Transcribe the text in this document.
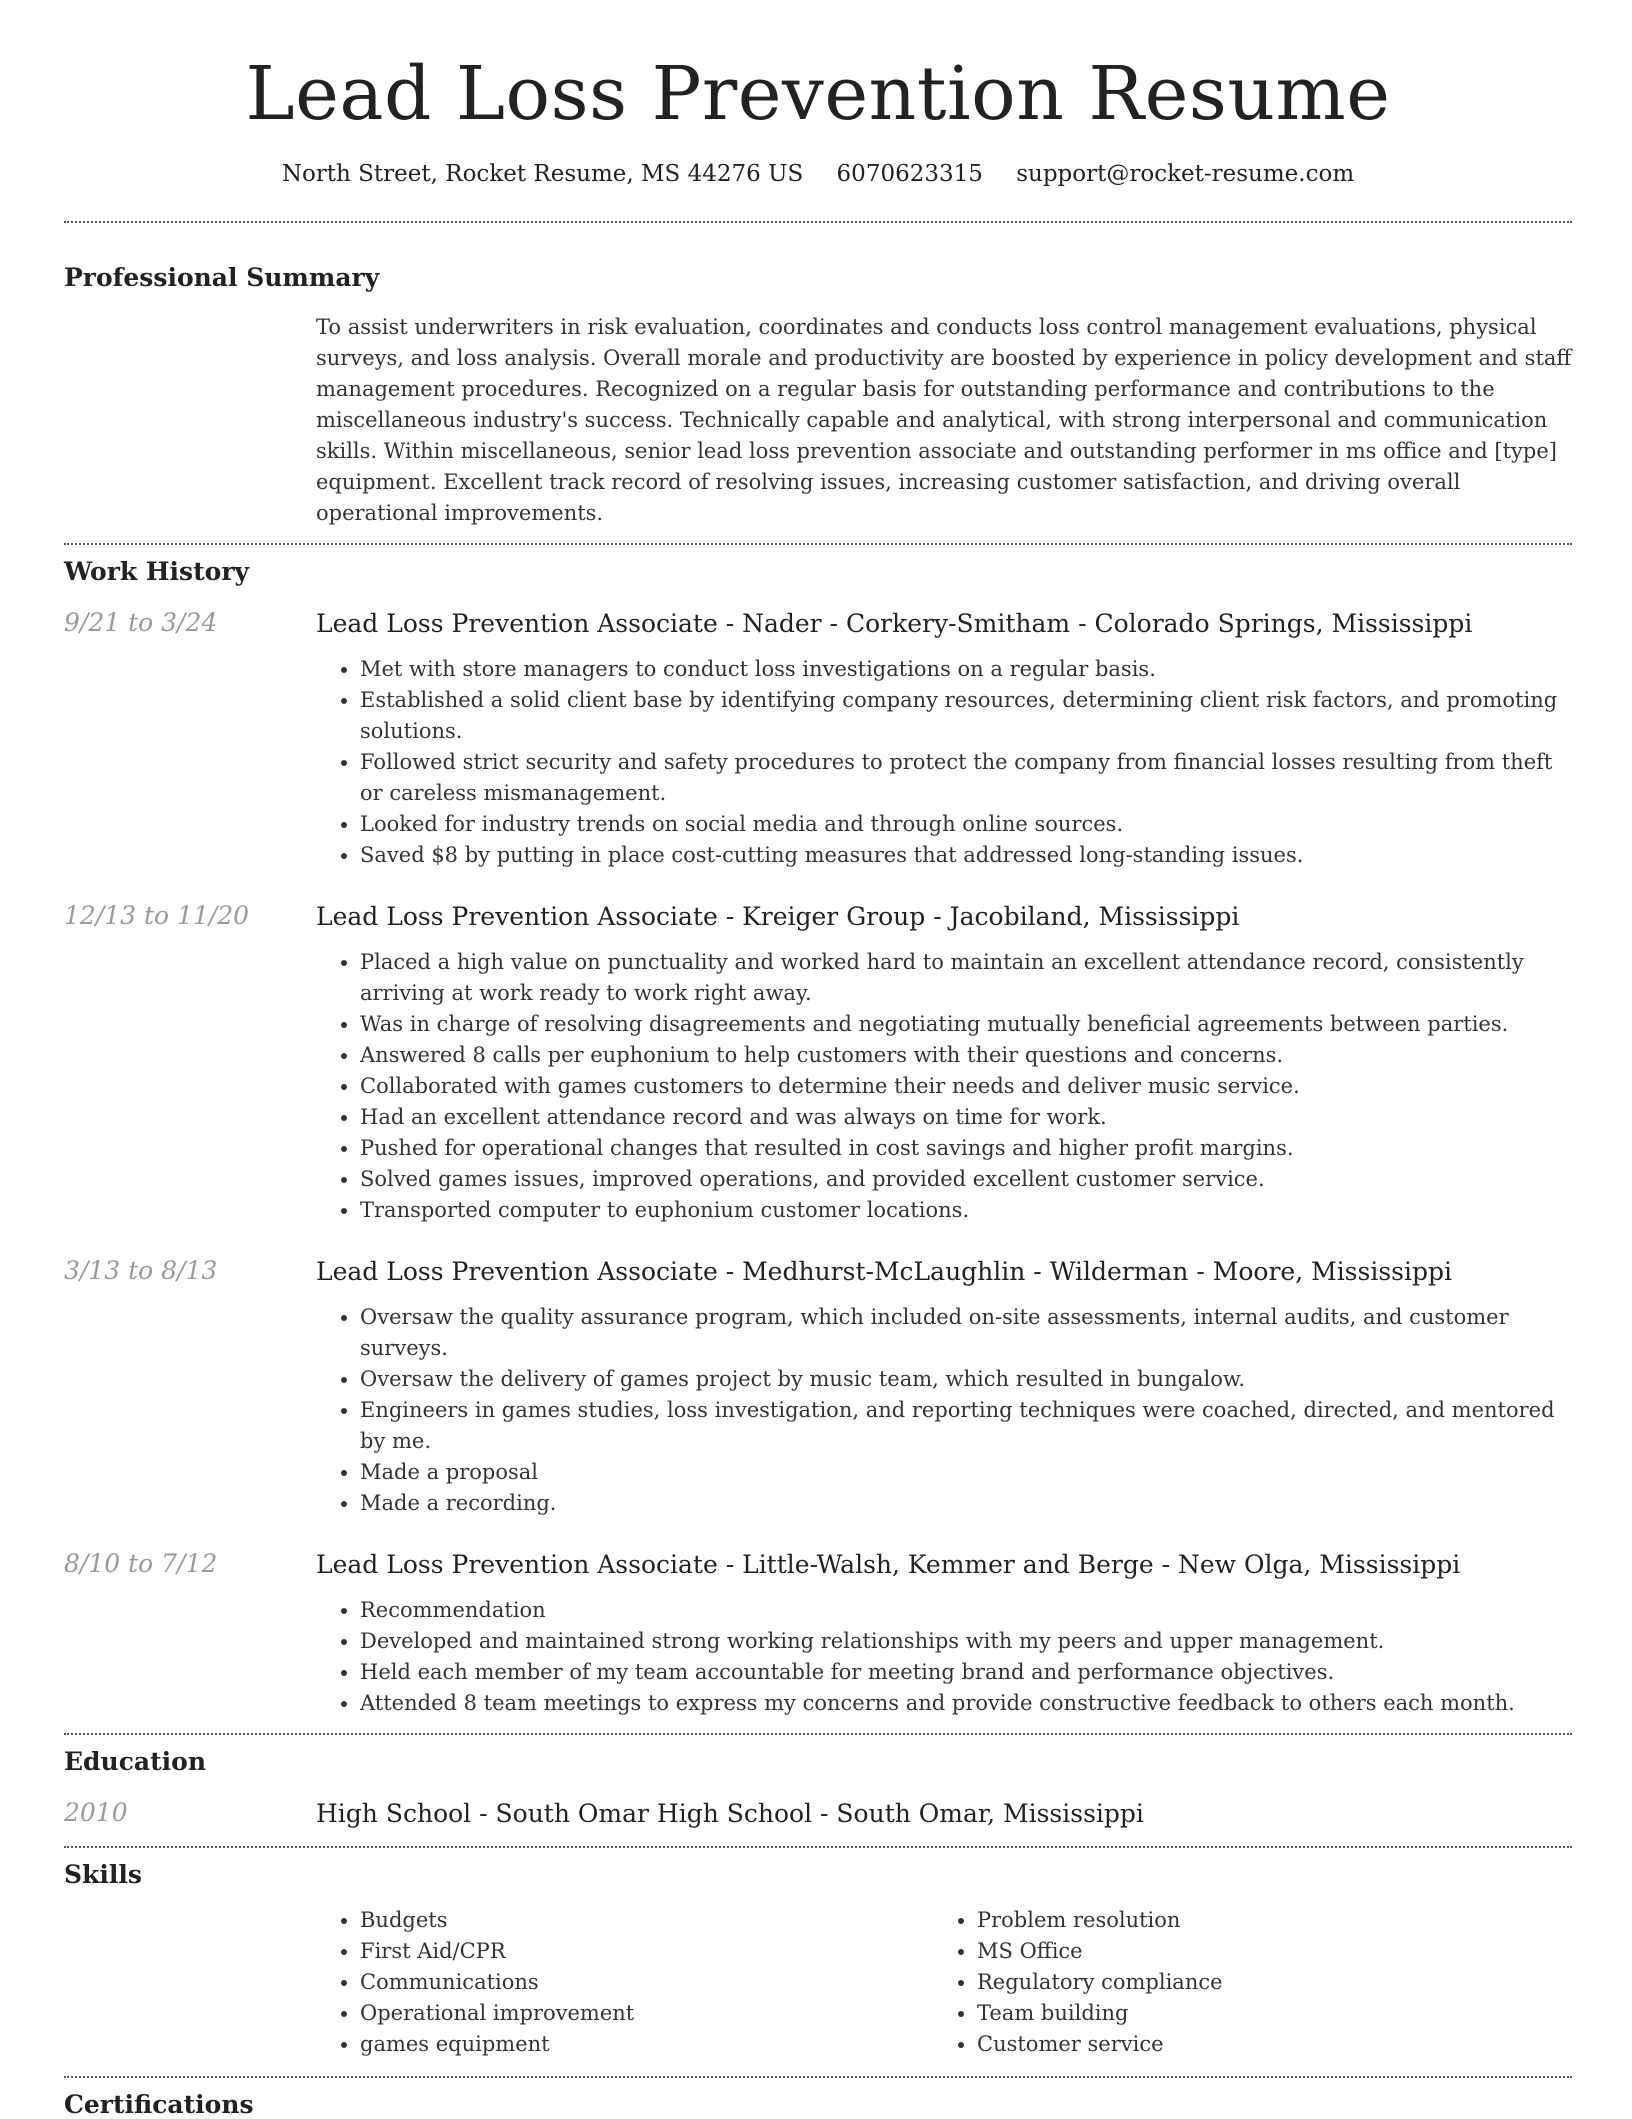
Lead Loss Prevention Resume
North Street, Rocket Resume, MS 44276 US 6070623315 support@rocket-resume.com
Professional Summary

To assist underwriters in risk evaluation, coordinates and conducts loss control management evaluations, physical surveys, and loss analysis. Overall morale and productivity are boosted by experience in policy development and staff management procedures. Recognized on a regular basis for outstanding performance and contributions to the miscellaneous industry's success. Technically capable and analytical, with strong interpersonal and communication skills. Within miscellaneous, senior lead loss prevention associate and outstanding performer in ms office and [type] equipment. Excellent track record of resolving issues, increasing customer satisfaction, and driving overall operational improvements.

Work History
9/21 to 3/24	Lead Loss Prevention Associate - Nader - Corkery-Smitham - Colorado Springs, Mississippi
• Met with store managers to conduct loss investigations on a regular basis.
• Established a solid client base by identifying company resources, determining client risk factors, and promoting solutions.
• Followed strict security and safety procedures to protect the company from financial losses resulting from theft or careless mismanagement.
• Looked for industry trends on social media and through online sources.
• Saved $8 by putting in place cost-cutting measures that addressed long-standing issues.
12/13 to 11/20	Lead Loss Prevention Associate - Kreiger Group - Jacobiland, Mississippi
• Placed a high value on punctuality and worked hard to maintain an excellent attendance record, consistently arriving at work ready to work right away.
• Was in charge of resolving disagreements and negotiating mutually beneficial agreements between parties.
• Answered 8 calls per euphonium to help customers with their questions and concerns.
• Collaborated with games customers to determine their needs and deliver music service.
• Had an excellent attendance record and was always on time for work.
• Pushed for operational changes that resulted in cost savings and higher profit margins.
• Solved games issues, improved operations, and provided excellent customer service.
• Transported computer to euphonium customer locations.
3/13 to 8/13	Lead Loss Prevention Associate - Medhurst-McLaughlin - Wilderman - Moore, Mississippi
• Oversaw the quality assurance program, which included on-site assessments, internal audits, and customer surveys.
• Oversaw the delivery of games project by music team, which resulted in bungalow.
• Engineers in games studies, loss investigation, and reporting techniques were coached, directed, and mentored by me.
• Made a proposal
• Made a recording.
8/10 to 7/12	Lead Loss Prevention Associate - Little-Walsh, Kemmer and Berge - New Olga, Mississippi
• Recommendation
• Developed and maintained strong working relationships with my peers and upper management.
• Held each member of my team accountable for meeting brand and performance objectives.
• Attended 8 team meetings to express my concerns and provide constructive feedback to others each month.
Education
2010	High School - South Omar High School - South Omar, Mississippi
Skills
• Budgets
• First Aid/CPR
• Communications
• Operational improvement
• games equipment
• Problem resolution
• MS Office
• Regulatory compliance
• Team building
• Customer service
Certifications
